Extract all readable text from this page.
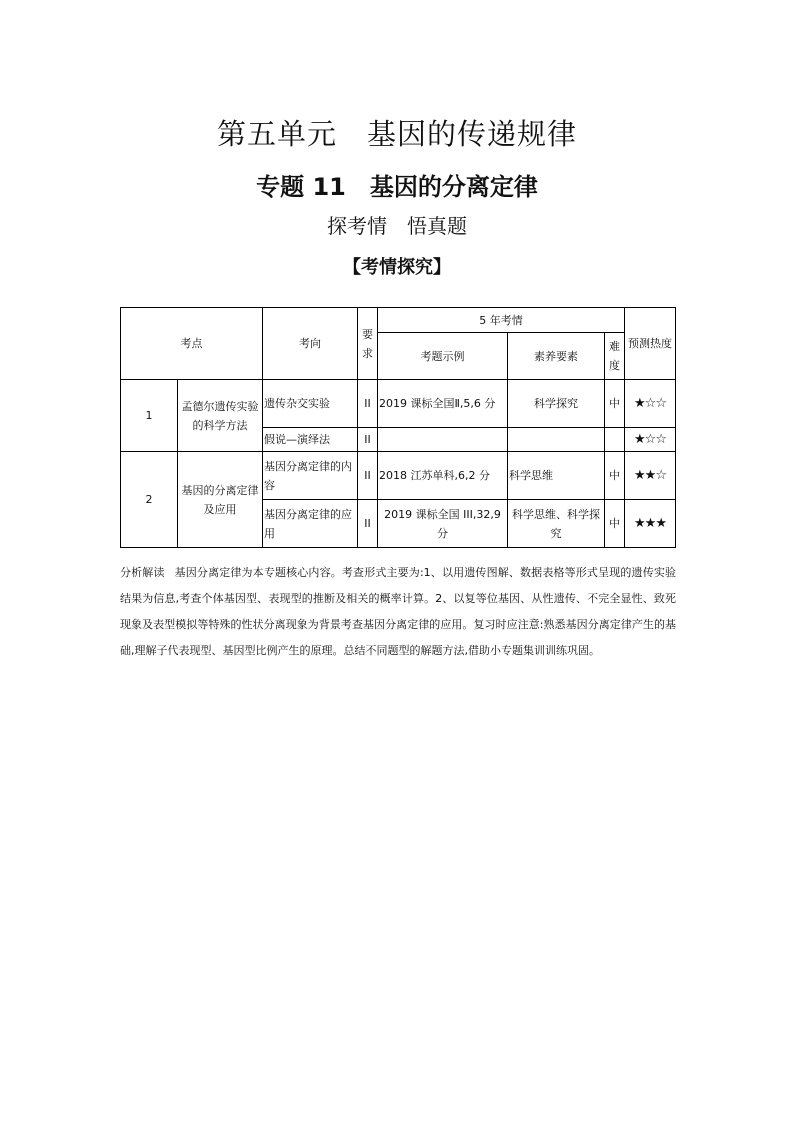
第五单元　基因的传递规律
专题 11　基因的分离定律
探考情　悟真题
【考情探究】
考点		考向	要求	5 年考情			预测热度
				考题示例	素养要素	难度	
1	孟德尔遗传实验的科学方法	遗传杂交实验	II	2019 课标全国Ⅱ,5,6 分	科学探究	中	★☆☆
		假说—演绎法	II				★☆☆
2	基因的分离定律及应用	基因分离定律的内容	II	2018 江苏单科,6,2 分	科学思维	中	★★☆
		基因分离定律的应用	II	2019 课标全国 III,32,9 分	科学思维、科学探究	中	★★★
分析解读 基因分离定律为本专题核心内容。考查形式主要为:1、以用遗传图解、数据表格等形式呈现的遗传实验结果为信息,考查个体基因型、表现型的推断及相关的概率计算。2、以复等位基因、从性遗传、不完全显性、致死现象及表型模拟等特殊的性状分离现象为背景考查基因分离定律的应用。复习时应注意:熟悉基因分离定律产生的基础,理解子代表现型、基因型比例产生的原理。总结不同题型的解题方法,借助小专题集训训练巩固。
